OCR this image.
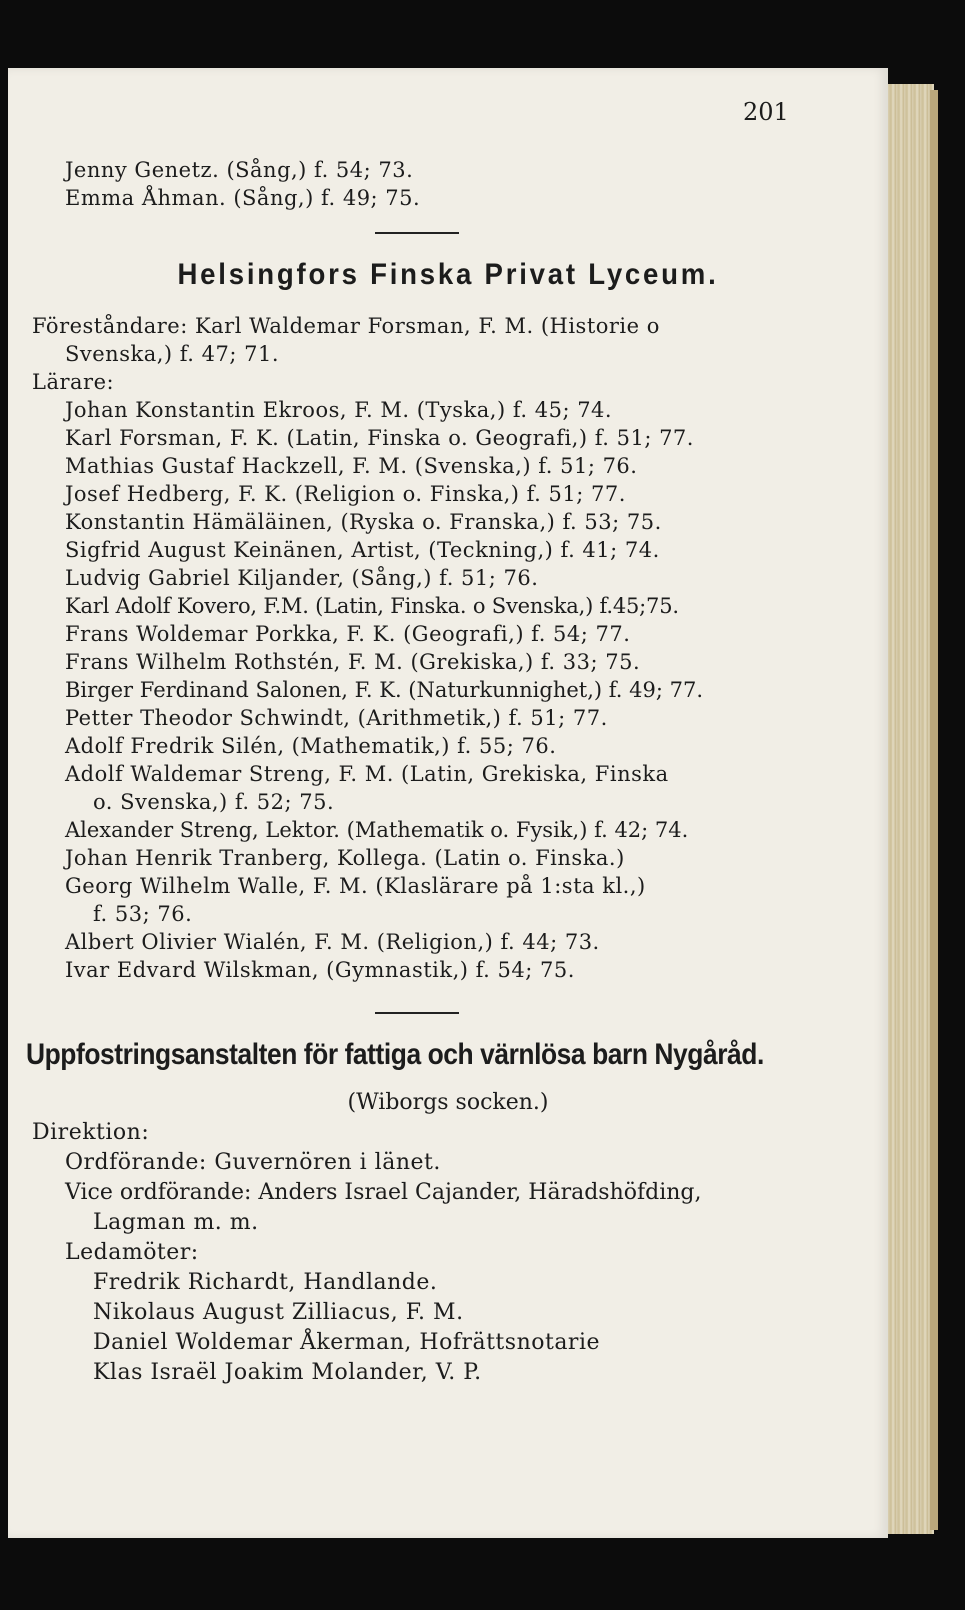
201
Jenny Genetz. (Sång,) f. 54; 73.
Emma Åhman. (Sång,) f. 49; 75.
Helsingfors Finska Privat Lyceum.
Föreståndare: Karl Waldemar Forsman, F. M. (Historie o
Svenska,) f. 47; 71.
Lärare:
Johan Konstantin Ekroos, F. M. (Tyska,) f. 45; 74.
Karl Forsman, F. K. (Latin, Finska o. Geografi,) f. 51; 77.
Mathias Gustaf Hackzell, F. M. (Svenska,) f. 51; 76.
Josef Hedberg, F. K. (Religion o. Finska,) f. 51; 77.
Konstantin Hämäläinen, (Ryska o. Franska,) f. 53; 75.
Sigfrid August Keinänen, Artist, (Teckning,) f. 41; 74.
Ludvig Gabriel Kiljander, (Sång,) f. 51; 76.
Karl Adolf Kovero, F.M. (Latin, Finska. o Svenska,) f.45;75.
Frans Woldemar Porkka, F. K. (Geografi,) f. 54; 77.
Frans Wilhelm Rothstén, F. M. (Grekiska,) f. 33; 75.
Birger Ferdinand Salonen, F. K. (Naturkunnighet,) f. 49; 77.
Petter Theodor Schwindt, (Arithmetik,) f. 51; 77.
Adolf Fredrik Silén, (Mathematik,) f. 55; 76.
Adolf Waldemar Streng, F. M. (Latin, Grekiska, Finska
o. Svenska,) f. 52; 75.
Alexander Streng, Lektor. (Mathematik o. Fysik,) f. 42; 74.
Johan Henrik Tranberg, Kollega. (Latin o. Finska.)
Georg Wilhelm Walle, F. M. (Klaslärare på 1:sta kl.,)
f. 53; 76.
Albert Olivier Wialén, F. M. (Religion,) f. 44; 73.
Ivar Edvard Wilskman, (Gymnastik,) f. 54; 75.
Uppfostringsanstalten för fattiga och värnlösa barn Nygåråd.
(Wiborgs socken.)
Direktion:
Ordförande: Guvernören i länet.
Vice ordförande: Anders Israel Cajander, Häradshöfding,
Lagman m. m.
Ledamöter:
Fredrik Richardt, Handlande.
Nikolaus August Zilliacus, F. M.
Daniel Woldemar Åkerman, Hofrättsnotarie
Klas Israël Joakim Molander, V. P.
